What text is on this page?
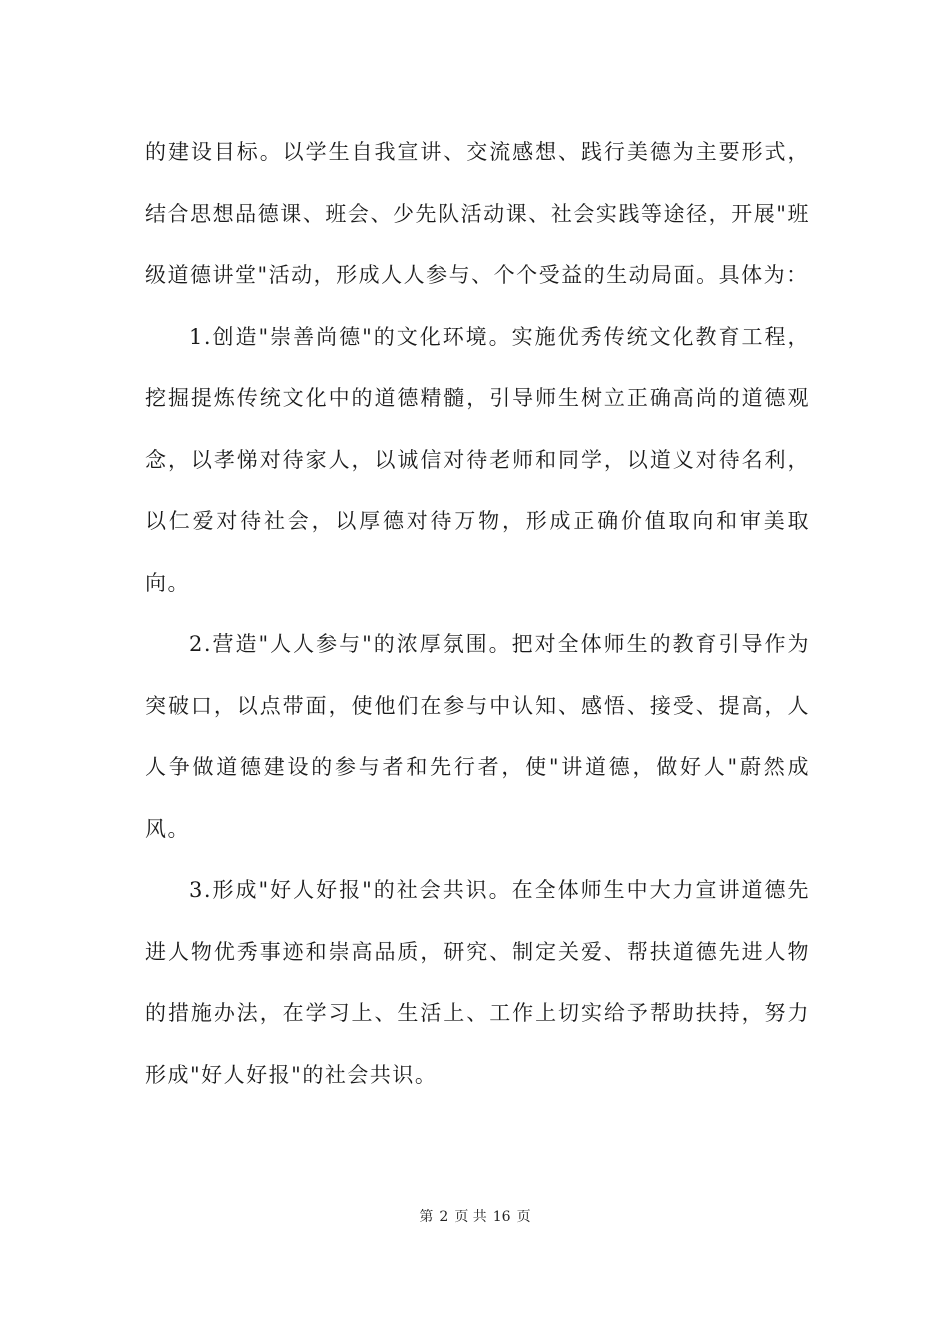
的建设目标。以学生自我宣讲、交流感想、践行美德为主要形式，结合思想品德课、班会、少先队活动课、社会实践等途径，开展"班级道德讲堂"活动，形成人人参与、个个受益的生动局面。具体为：

1.创造"崇善尚德"的文化环境。实施优秀传统文化教育工程，挖掘提炼传统文化中的道德精髓，引导师生树立正确高尚的道德观念，以孝悌对待家人，以诚信对待老师和同学，以道义对待名利，以仁爱对待社会，以厚德对待万物，形成正确价值取向和审美取向。

2.营造"人人参与"的浓厚氛围。把对全体师生的教育引导作为突破口，以点带面，使他们在参与中认知、感悟、接受、提高，人人争做道德建设的参与者和先行者，使"讲道德，做好人"蔚然成风。

3.形成"好人好报"的社会共识。在全体师生中大力宣讲道德先进人物优秀事迹和崇高品质，研究、制定关爱、帮扶道德先进人物的措施办法，在学习上、生活上、工作上切实给予帮助扶持，努力形成"好人好报"的社会共识。

第 2 页 共 16 页
